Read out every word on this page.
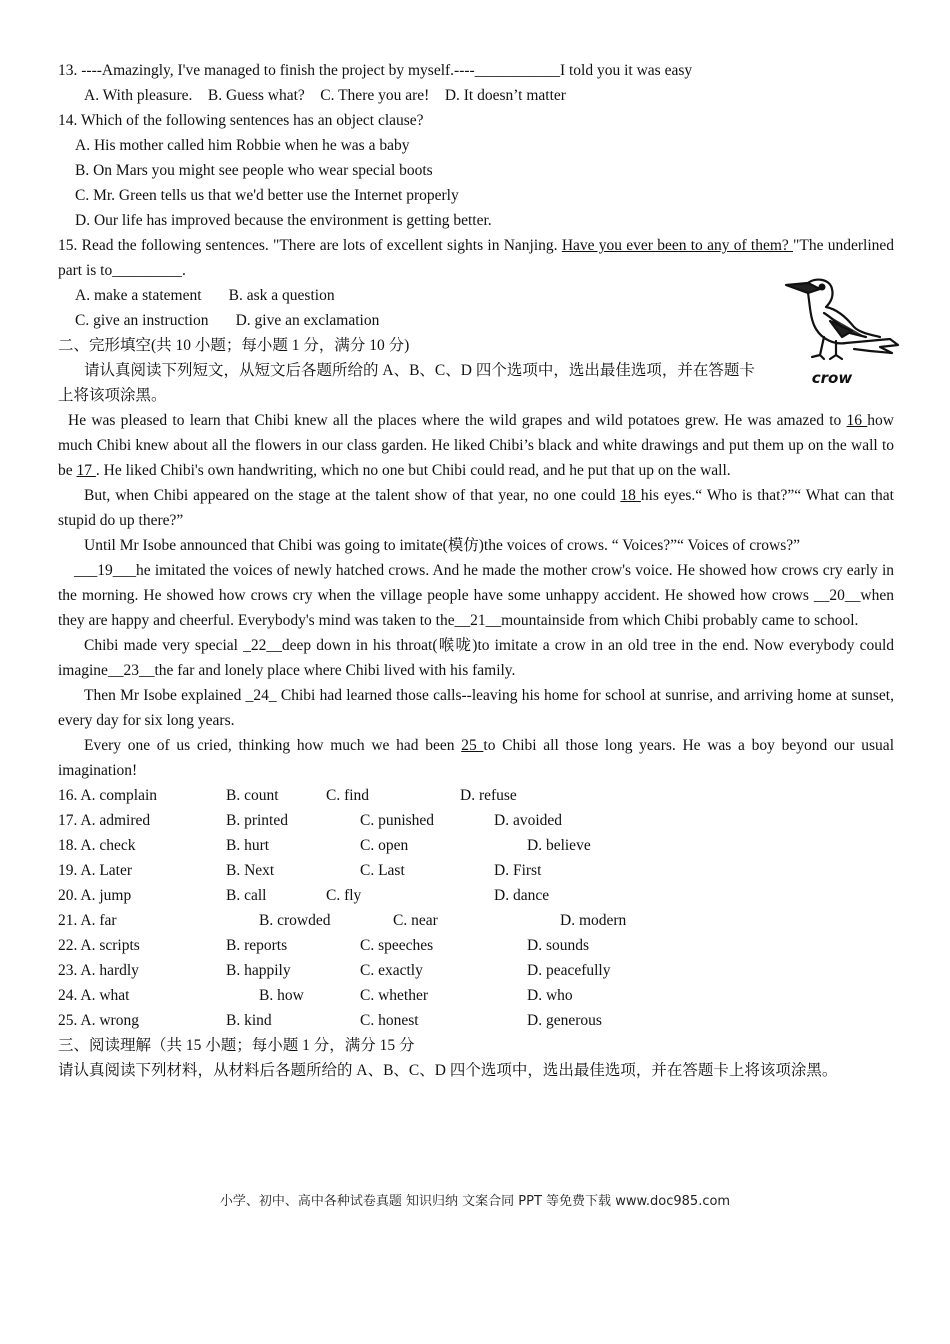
13. ----Amazingly, I've managed to finish the project by myself.----___________I told you it was easy
A. With pleasure.    B. Guess what?    C. There you are!    D. It doesn’t matter
14. Which of the following sentences has an object clause?
A. His mother called him Robbie when he was a baby
B. On Mars you might see people who wear special boots
C. Mr. Green tells us that we'd better use the Internet properly
D. Our life has improved because the environment is getting better.
15. Read the following sentences. "There are lots of excellent sights in Nanjing. Have you ever been to any of them? "The underlined part is to_________.
A. make a statement       B. ask a question
C. give an instruction       D. give an exclamation
二、完形填空(共 10 小题；每小题 1 分，满分 10 分)
请认真阅读下列短文，从短文后各题所给的 A、B、C、D 四个选项中，选出最佳选项，并在答题卡上将该项涂黑。
He was pleased to learn that Chibi knew all the places where the wild grapes and wild potatoes grew. He was amazed to 16 how much Chibi knew about all the flowers in our class garden. He liked Chibi’s black and white drawings and put them up on the wall to be 17 . He liked Chibi's own handwriting, which no one but Chibi could read, and he put that up on the wall.
But, when Chibi appeared on the stage at the talent show of that year, no one could 18 his eyes.“ Who is that?”“ What can that stupid do up there?”
Until Mr Isobe announced that Chibi was going to imitate(模仿)the voices of crows. “ Voices?”“ Voices of crows?”
___19___he imitated the voices of newly hatched crows. And he made the mother crow's voice. He showed how crows cry early in the morning. He showed how crows cry when the village people have some unhappy accident. He showed how crows __20__when they are happy and cheerful. Everybody's mind was taken to the__21__mountainside from which Chibi probably came to school.
Chibi made very special _22__deep down in his throat(喉咙)to imitate a crow in an old tree in the end. Now everybody could imagine__23__the far and lonely place where Chibi lived with his family.
Then Mr Isobe explained _24_ Chibi had learned those calls--leaving his home for school at sunrise, and arriving home at sunset, every day for six long years.
Every one of us cried, thinking how much we had been 25 to Chibi all those long years. He was a boy beyond our usual imagination!
16. A. complain	B. count	C. find	D. refuse
17. A. admired	B. printed	C. punished	D. avoided
18. A. check	B. hurt	C. open	D. believe
19. A. Later	B. Next	C. Last	D. First
20. A. jump	B. call	C. fly	D. dance
21. A. far	B. crowded	C. near	D. modern
22. A. scripts	B. reports	C. speeches	D. sounds
23. A. hardly	B. happily	C. exactly	D. peacefully
24. A. what	B. how	C. whether	D. who
25. A. wrong	B. kind	C. honest	D. generous
三、阅读理解（共 15 小题；每小题 1 分，满分 15 分
请认真阅读下列材料，从材料后各题所给的 A、B、C、D 四个选项中，选出最佳选项，并在答题卡上将该项涂黑。
crow
小学、初中、高中各种试卷真题 知识归纳 文案合同 PPT 等免费下载 www.doc985.com
